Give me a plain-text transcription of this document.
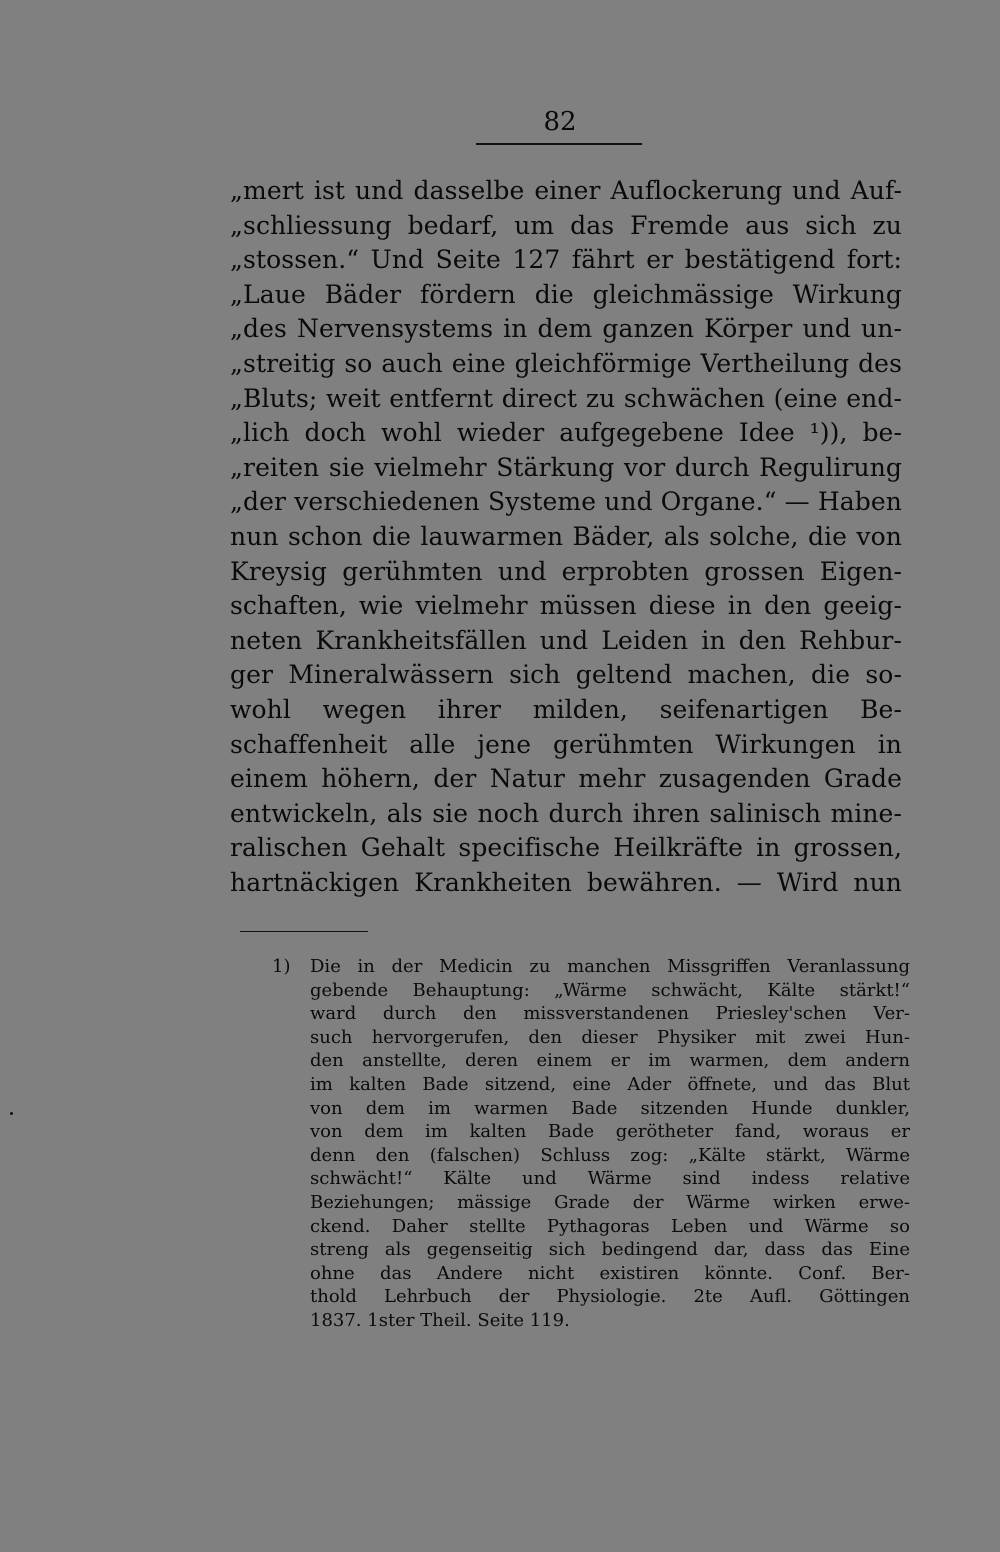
82
„mert ist und dasselbe einer Auflockerung und Auf-
„schliessung bedarf, um das Fremde aus sich zu
„stossen.“ Und Seite 127 fährt er bestätigend fort:
„Laue Bäder fördern die gleichmässige Wirkung
„des Nervensystems in dem ganzen Körper und un-
„streitig so auch eine gleichförmige Vertheilung des
„Bluts; weit entfernt direct zu schwächen (eine end-
„lich doch wohl wieder aufgegebene Idee ¹)), be-
„reiten sie vielmehr Stärkung vor durch Regulirung
„der verschiedenen Systeme und Organe.“ — Haben
nun schon die lauwarmen Bäder, als solche, die von
Kreysig gerühmten und erprobten grossen Eigen-
schaften, wie vielmehr müssen diese in den geeig-
neten Krankheitsfällen und Leiden in den Rehbur-
ger Mineralwässern sich geltend machen, die so-
wohl wegen ihrer milden, seifenartigen Be-
schaffenheit alle jene gerühmten Wirkungen in
einem höhern, der Natur mehr zusagenden Grade
entwickeln, als sie noch durch ihren salinisch mine-
ralischen Gehalt specifische Heilkräfte in grossen,
hartnäckigen Krankheiten bewähren. — Wird nun
1) Die in der Medicin zu manchen Missgriffen Veranlassung
gebende Behauptung: „Wärme schwächt, Kälte stärkt!“
ward durch den missverstandenen Priesley'schen Ver-
such hervorgerufen, den dieser Physiker mit zwei Hun-
den anstellte, deren einem er im warmen, dem andern
im kalten Bade sitzend, eine Ader öffnete, und das Blut
von dem im warmen Bade sitzenden Hunde dunkler,
von dem im kalten Bade geröthеter fand, woraus er
denn den (falschen) Schluss zog: „Kälte stärkt, Wärme
schwächt!“ Kälte und Wärme sind indess relative
Beziehungen; mässige Grade der Wärme wirken erwe-
ckend. Daher stellte Pythagoras Leben und Wärme so
streng als gegenseitig sich bedingend dar, dass das Eine
ohne das Andere nicht existiren könnte. Conf. Ber-
thold Lehrbuch der Physiologie. 2te Aufl. Göttingen
1837. 1ster Theil. Seite 119.
